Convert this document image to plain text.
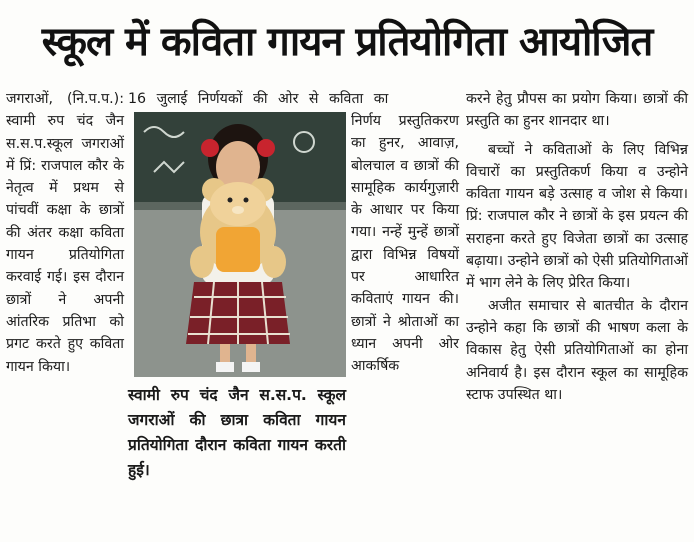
स्कूल में कविता गायन प्रतियोगिता आयोजित

जगराओं, (नि.प.प.): स्वामी रुप चंद जैन स.स.प.स्कूल जगराओं में प्रिं: राजपाल कौर के नेतृत्व में प्रथम से पांचवीं कक्षा के छात्रों की अंतर कक्षा कविता गायन प्रतियोगिता करवाई गई। इस दौरान छात्रों ने अपनी आंतरिक प्रतिभा को प्रगट करते हुए कविता गायन किया।

16 जुलाई निर्णयकों की ओर से कविता का
निर्णय प्रस्तुतिकरण का हुनर, आवाज़, बोलचाल व छात्रों की सामूहिक कार्यगुज़ारी के आधार पर किया गया। नन्हें मुन्हें छात्रों द्वारा विभिन्न विषयों पर आधारित कविताएं गायन की। छात्रों ने श्रोताओं का ध्यान अपनी ओर आकर्षिक
स्वामी रुप चंद जैन स.स.प. स्कूल जगराओं की छात्रा कविता गायन प्रतियोगिता दौरान कविता गायन करती हुई।

करने हेतु प्रौपस का प्रयोग किया। छात्रों की प्रस्तुति का हुनर शानदार था।

बच्चों ने कविताओं के लिए विभिन्न विचारों का प्रस्तुतिकर्ण किया व उन्होने कविता गायन बड़े उत्साह व जोश से किया। प्रिं: राजपाल कौर ने छात्रों के इस प्रयत्न की सराहना करते हुए विजेता छात्रों का उत्साह बढ़ाया। उन्होने छात्रों को ऐसी प्रतियोगिताओं में भाग लेने के लिए प्रेरित किया।

अजीत समाचार से बातचीत के दौरान उन्होने कहा कि छात्रों की भाषण कला के विकास हेतु ऐसी प्रतियोगिताओं का होना अनिवार्य है। इस दौरान स्कूल का सामूहिक स्टाफ उपस्थित था।
